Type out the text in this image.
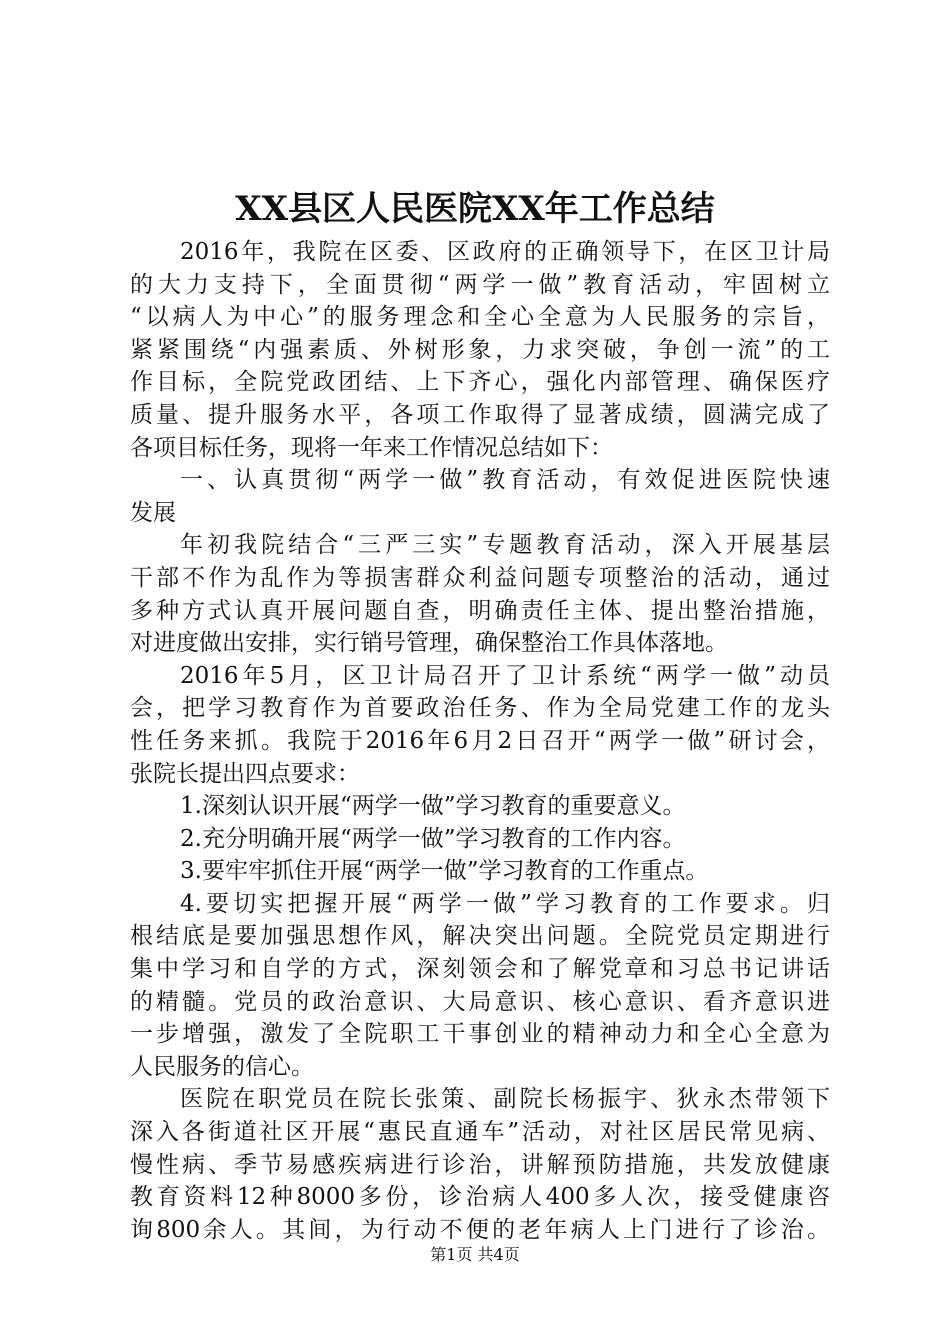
XX县区人民医院XX年工作总结
2016年，我院在区委、区政府的正确领导下，在区卫计局
的大力支持下，全面贯彻“两学一做”教育活动，牢固树立
“以病人为中心”的服务理念和全心全意为人民服务的宗旨，
紧紧围绕“内强素质、外树形象，力求突破，争创一流”的工
作目标，全院党政团结、上下齐心，强化内部管理、确保医疗
质量、提升服务水平，各项工作取得了显著成绩，圆满完成了
各项目标任务，现将一年来工作情况总结如下：
一、认真贯彻“两学一做”教育活动，有效促进医院快速
发展
年初我院结合“三严三实”专题教育活动，深入开展基层
干部不作为乱作为等损害群众利益问题专项整治的活动，通过
多种方式认真开展问题自查，明确责任主体、提出整治措施，
对进度做出安排，实行销号管理，确保整治工作具体落地。
2016年5月，区卫计局召开了卫计系统“两学一做”动员
会，把学习教育作为首要政治任务、作为全局党建工作的龙头
性任务来抓。我院于2016年6月2日召开“两学一做”研讨会，
张院长提出四点要求：
1.深刻认识开展“两学一做”学习教育的重要意义。
2.充分明确开展“两学一做”学习教育的工作内容。
3.要牢牢抓住开展“两学一做”学习教育的工作重点。
4.要切实把握开展“两学一做”学习教育的工作要求。归
根结底是要加强思想作风，解决突出问题。全院党员定期进行
集中学习和自学的方式，深刻领会和了解党章和习总书记讲话
的精髓。党员的政治意识、大局意识、核心意识、看齐意识进
一步增强，激发了全院职工干事创业的精神动力和全心全意为
人民服务的信心。
医院在职党员在院长张策、副院长杨振宇、狄永杰带领下
深入各街道社区开展“惠民直通车”活动，对社区居民常见病、
慢性病、季节易感疾病进行诊治，讲解预防措施，共发放健康
教育资料12种8000多份，诊治病人400多人次，接受健康咨
询800余人。其间，为行动不便的老年病人上门进行了诊治。
第1页 共4页
